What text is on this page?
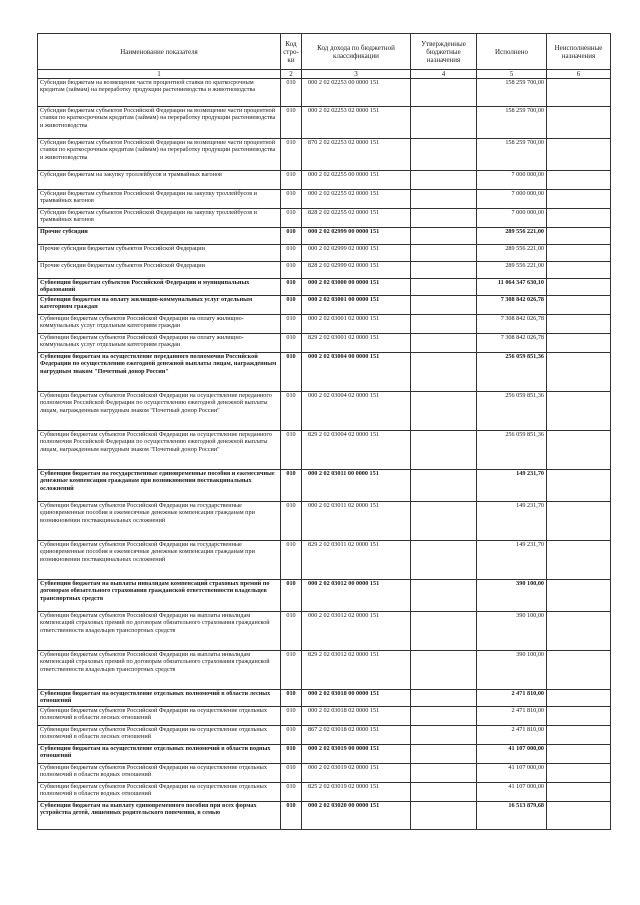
Наименование показателя	Код стро-ки	Код дохода по бюджетной классификации	Утвержденные бюджетные назначения	Исполнено	Неисполненные назначения
1	2	3	4	5	6
Субсидии бюджетам на возмещение части процентной ставки по краткосрочным кредитам (займам) на переработку продукции растениеводства и животноводства	010	000 2 02 02253 00 0000 151		158 259 700,00	
Субсидии бюджетам субъектов Российской Федерации на возмещение части процентной ставки по краткосрочным кредитам (займам) на переработку продукции растениеводства и животноводства	010	000 2 02 02253 02 0000 151		158 259 700,00	
Субсидии бюджетам субъектов Российской Федерации на возмещение части процентной ставки по краткосрочным кредитам (займам) на переработку продукции растениеводства и животноводства	010	870 2 02 02253 02 0000 151		158 259 700,00	
Субсидии бюджетам на закупку троллейбусов и трамвайных вагонов	010	000 2 02 02255 00 0000 151		7 000 000,00	
Субсидии бюджетам субъектов Российской Федерации на закупку троллейбусов и трамвайных вагонов	010	000 2 02 02255 02 0000 151		7 000 000,00	
Субсидии бюджетам субъектов Российской Федерации на закупку троллейбусов и трамвайных вагонов	010	828 2 02 02255 02 0000 151		7 000 000,00	
Прочие субсидии	010	000 2 02 02999 00 0000 151		289 556 221,00	
Прочие субсидии бюджетам субъектов Российской Федерации	010	000 2 02 02999 02 0000 151		289 556 221,00	
Прочие субсидии бюджетам субъектов Российской Федерации	010	828 2 02 02999 02 0000 151		289 556 221,00	
Субвенции бюджетам субъектов Российской Федерации и муниципальных образований	010	000 2 02 03000 00 0000 151		11 064 347 630,10	
Субвенции бюджетам на оплату жилищно-коммунальных услуг отдельным категориям граждан	010	000 2 02 03001 00 0000 151		7 308 842 026,78	
Субвенции бюджетам субъектов Российской Федерации на оплату жилищно-коммунальных услуг отдельным категориям граждан	010	000 2 02 03001 02 0000 151		7 308 842 026,78	
Субвенции бюджетам субъектов Российской Федерации на оплату жилищно-коммунальных услуг отдельным категориям граждан	010	829 2 02 03001 02 0000 151		7 308 842 026,78	
Субвенции бюджетам на осуществление переданного полномочия Российской Федерации по осуществлению ежегодной денежной выплаты лицам, награжденным нагрудным знаком "Почетный донор России"	010	000 2 02 03004 00 0000 151		256 059 851,36	
Субвенции бюджетам субъектов Российской Федерации на осуществление переданного полномочия Российской Федерации по осуществлению ежегодной денежной выплаты лицам, награжденным нагрудным знаком "Почетный донор России"	010	000 2 02 03004 02 0000 151		256 059 851,36	
Субвенции бюджетам субъектов Российской Федерации на осуществление переданного полномочия Российской Федерации по осуществлению ежегодной денежной выплаты лицам, награжденным нагрудным знаком "Почетный донор России"	010	829 2 02 03004 02 0000 151		256 059 851,36	
Субвенции бюджетам на государственные единовременные пособия и ежемесячные денежные компенсации гражданам при возникновении поствакцинальных осложнений	010	000 2 02 03011 00 0000 151		149 231,70	
Субвенции бюджетам субъектов Российской Федерации на государственные единовременные пособия и ежемесячные денежные компенсации гражданам при возникновении поствакцинальных осложнений	010	000 2 02 03011 02 0000 151		149 231,70	
Субвенции бюджетам субъектов Российской Федерации на государственные единовременные пособия и ежемесячные денежные компенсации гражданам при возникновении поствакцинальных осложнений	010	829 2 02 03011 02 0000 151		149 231,70	
Субвенции бюджетам на выплаты инвалидам компенсаций страховых премий по договорам обязательного страхования гражданской ответственности владельцев транспортных средств	010	000 2 02 03012 00 0000 151		390 100,00	
Субвенции бюджетам субъектов Российской Федерации на выплаты инвалидам компенсаций страховых премий по договорам обязательного страхования гражданской ответственности владельцев транспортных средств	010	000 2 02 03012 02 0000 151		390 100,00	
Субвенции бюджетам субъектов Российской Федерации на выплаты инвалидам компенсаций страховых премий по договорам обязательного страхования гражданской ответственности владельцев транспортных средств	010	829 2 02 03012 02 0000 151		390 100,00	
Субвенции бюджетам на осуществление отдельных полномочий в области лесных отношений	010	000 2 02 03018 00 0000 151		2 471 810,00	
Субвенции бюджетам субъектов Российской Федерации на осуществление отдельных полномочий в области лесных отношений	010	000 2 02 03018 02 0000 151		2 471 810,00	
Субвенции бюджетам субъектов Российской Федерации на осуществление отдельных полномочий в области лесных отношений	010	867 2 02 03018 02 0000 151		2 471 810,00	
Субвенции бюджетам на осуществление отдельных полномочий в области водных отношений	010	000 2 02 03019 00 0000 151		41 107 000,00	
Субвенции бюджетам субъектов Российской Федерации на осуществление отдельных полномочий в области водных отношений	010	000 2 02 03019 02 0000 151		41 107 000,00	
Субвенции бюджетам субъектов Российской Федерации на осуществление отдельных полномочий в области водных отношений	010	825 2 02 03019 02 0000 151		41 107 000,00	
Субвенции бюджетам на выплату единовременного пособия при всех формах устройства детей, лишенных родительского попечения, в семью	010	000 2 02 03020 00 0000 151		16 513 879,68	
